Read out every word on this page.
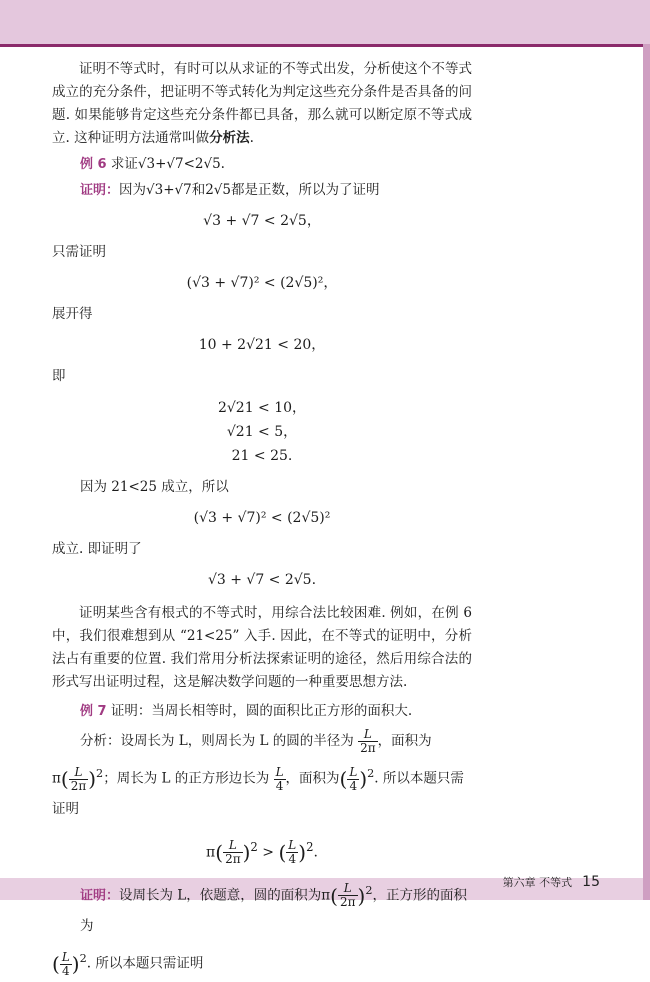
证明不等式时，有时可以从求证的不等式出发，分析使这个不等式成立的充分条件，把证明不等式转化为判定这些充分条件是否具备的问题. 如果能够肯定这些充分条件都已具备，那么就可以断定原不等式成立. 这种证明方法通常叫做分析法.

例 6 求证√3+√7<2√5.
证明：因为√3+√7和2√5都是正数，所以为了证明
√3 + √7 < 2√5，
只需证明
(√3 + √7)² < (2√5)²，
展开得
10 + 2√21 < 20，
即
2√21 < 10，
√21 < 5，
21 < 25.
因为 21<25 成立，所以
(√3 + √7)² < (2√5)²
成立. 即证明了
√3 + √7 < 2√5.

证明某些含有根式的不等式时，用综合法比较困难. 例如，在例 6 中，我们很难想到从 “21<25” 入手. 因此，在不等式的证明中，分析法占有重要的位置. 我们常用分析法探索证明的途径，然后用综合法的形式写出证明过程，这是解决数学问题的一种重要思想方法.

例 7 证明：当周长相等时，圆的面积比正方形的面积大.
分析：设周长为 L，则周长为 L 的圆的半径为 $\frac{L}{2\pi}$ ，面积为
$\pi( \frac{L}{2\pi} )^2$；周长为 L 的正方形边长为 $\frac{L}{4}$ ，面积为( $\frac{L}{4} )^2$. 所以本题只需证明
$\pi( \frac{L}{2\pi} )^2$ > ( $\frac{L}{4} )^2$.
证明：设周长为 L，依题意，圆的面积为$\pi( \frac{L}{2\pi} )^2$，正方形的面积为
( $\frac{L}{4} )^2$. 所以本题只需证明
第六章 不等式 15
